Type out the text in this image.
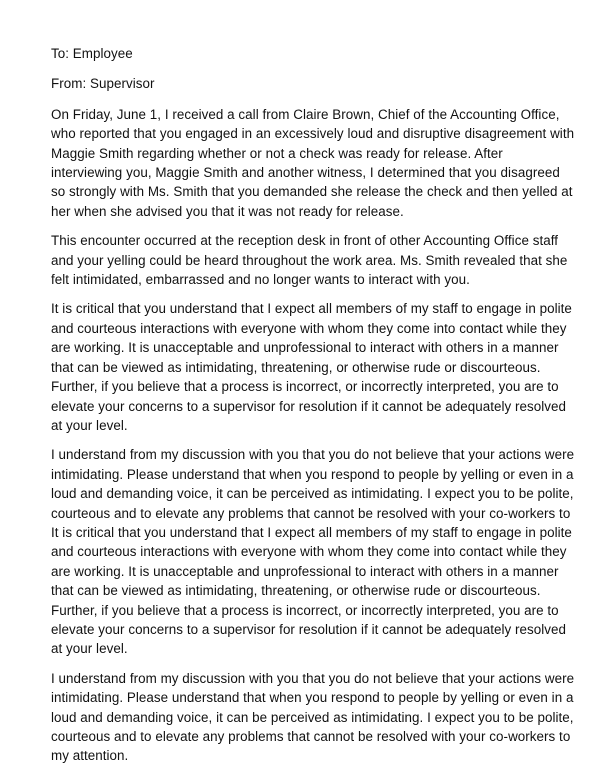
To: Employee
From: Supervisor
On Friday, June 1, I received a call from Claire Brown, Chief of the Accounting Office,
who reported that you engaged in an excessively loud and disruptive disagreement with
Maggie Smith regarding whether or not a check was ready for release. After
interviewing you, Maggie Smith and another witness, I determined that you disagreed
so strongly with Ms. Smith that you demanded she release the check and then yelled at
her when she advised you that it was not ready for release.
This encounter occurred at the reception desk in front of other Accounting Office staff
and your yelling could be heard throughout the work area. Ms. Smith revealed that she
felt intimidated, embarrassed and no longer wants to interact with you.
It is critical that you understand that I expect all members of my staff to engage in polite
and courteous interactions with everyone with whom they come into contact while they
are working. It is unacceptable and unprofessional to interact with others in a manner
that can be viewed as intimidating, threatening, or otherwise rude or discourteous.
Further, if you believe that a process is incorrect, or incorrectly interpreted, you are to
elevate your concerns to a supervisor for resolution if it cannot be adequately resolved
at your level.
I understand from my discussion with you that you do not believe that your actions were
intimidating. Please understand that when you respond to people by yelling or even in a
loud and demanding voice, it can be perceived as intimidating. I expect you to be polite,
courteous and to elevate any problems that cannot be resolved with your co-workers to
It is critical that you understand that I expect all members of my staff to engage in polite
and courteous interactions with everyone with whom they come into contact while they
are working. It is unacceptable and unprofessional to interact with others in a manner
that can be viewed as intimidating, threatening, or otherwise rude or discourteous.
Further, if you believe that a process is incorrect, or incorrectly interpreted, you are to
elevate your concerns to a supervisor for resolution if it cannot be adequately resolved
at your level.
I understand from my discussion with you that you do not believe that your actions were
intimidating. Please understand that when you respond to people by yelling or even in a
loud and demanding voice, it can be perceived as intimidating. I expect you to be polite,
courteous and to elevate any problems that cannot be resolved with your co-workers to
my attention.
